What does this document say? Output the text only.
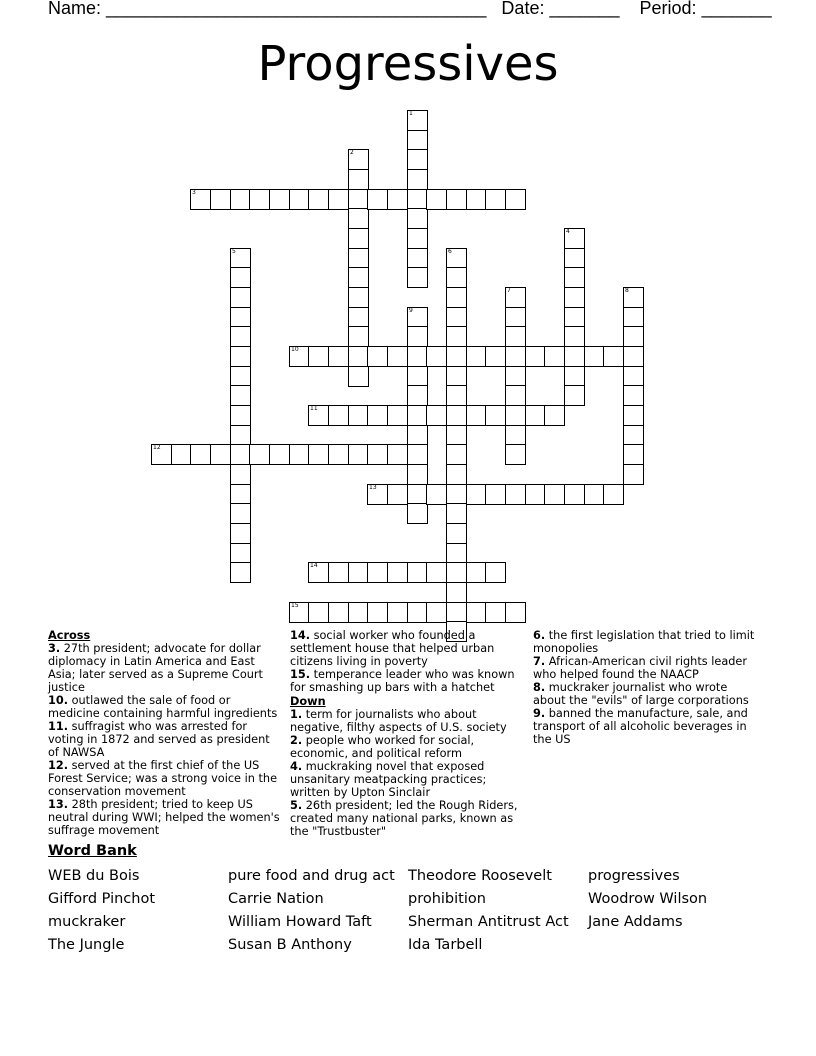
Name: ______________________________________   Date: _______    Period: _______
Progressives
1
2
3
4
5	6
7	8
9
10
11
12
13
14
15

Across

3. 27th president; advocate for dollar diplomacy in Latin America and East Asia; later served as a Supreme Court justice

10. outlawed the sale of food or medicine containing harmful ingredients

11. suffragist who was arrested for voting in 1872 and served as president of NAWSA

12. served at the first chief of the US Forest Service; was a strong voice in the conservation movement

13. 28th president; tried to keep US neutral during WWI; helped the women's suffrage movement

14. social worker who founded a settlement house that helped urban citizens living in poverty

15. temperance leader who was known for smashing up bars with a hatchet

Down

1. term for journalists who about negative, filthy aspects of U.S. society

2. people who worked for social, economic, and political reform

4. muckraking novel that exposed unsanitary meatpacking practices; written by Upton Sinclair

5. 26th president; led the Rough Riders, created many national parks, known as the "Trustbuster"

6. the first legislation that tried to limit monopolies

7. African-American civil rights leader who helped found the NAACP

8. muckraker journalist who wrote about the "evils" of large corporations

9. banned the manufacture, sale, and transport of all alcoholic beverages in the US

Word Bank
WEB du Bois
Gifford Pinchot
muckraker
The Jungle
pure food and drug act
Carrie Nation
William Howard Taft
Susan B Anthony
Theodore Roosevelt
prohibition
Sherman Antitrust Act
Ida Tarbell
progressives
Woodrow Wilson
Jane Addams
